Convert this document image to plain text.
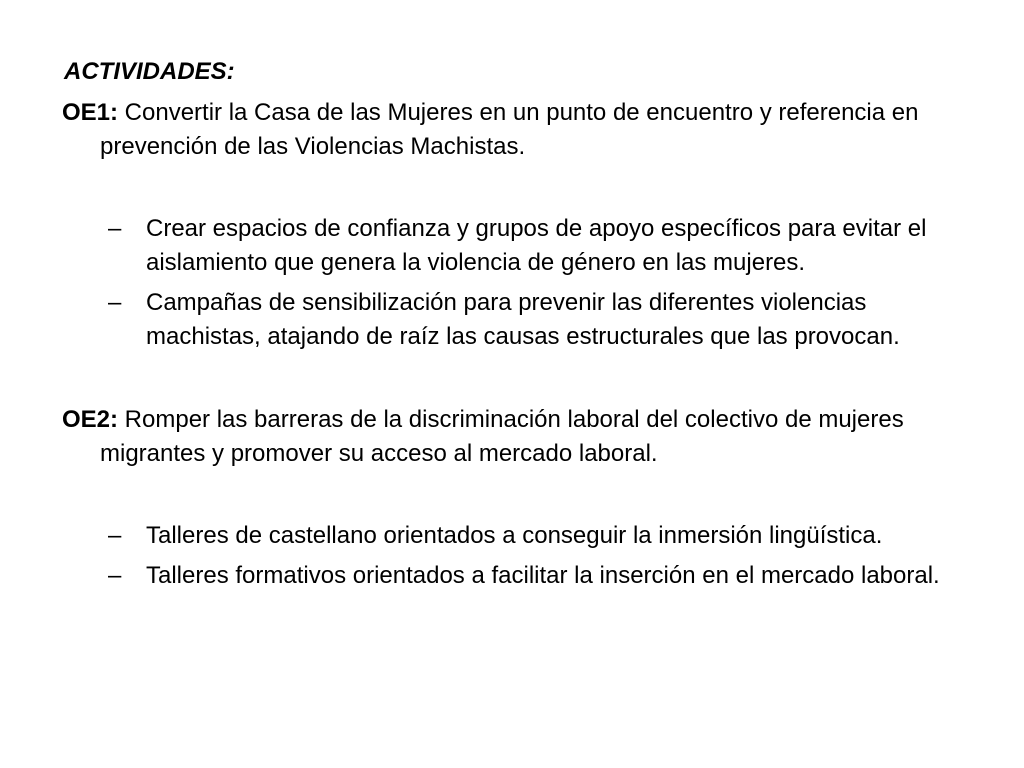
ACTIVIDADES:
OE1: Convertir la Casa de las Mujeres en un punto de encuentro y referencia en prevención de las Violencias Machistas.
– Crear espacios de confianza y grupos de apoyo específicos para evitar el aislamiento que genera la violencia de género en las mujeres.
– Campañas de sensibilización para prevenir las diferentes violencias machistas, atajando de raíz las causas estructurales que las provocan.
OE2: Romper las barreras de la discriminación laboral del colectivo de mujeres migrantes y promover su acceso al mercado laboral.
– Talleres de castellano orientados a conseguir la inmersión lingüística.
– Talleres formativos orientados a facilitar la inserción en el mercado laboral.
